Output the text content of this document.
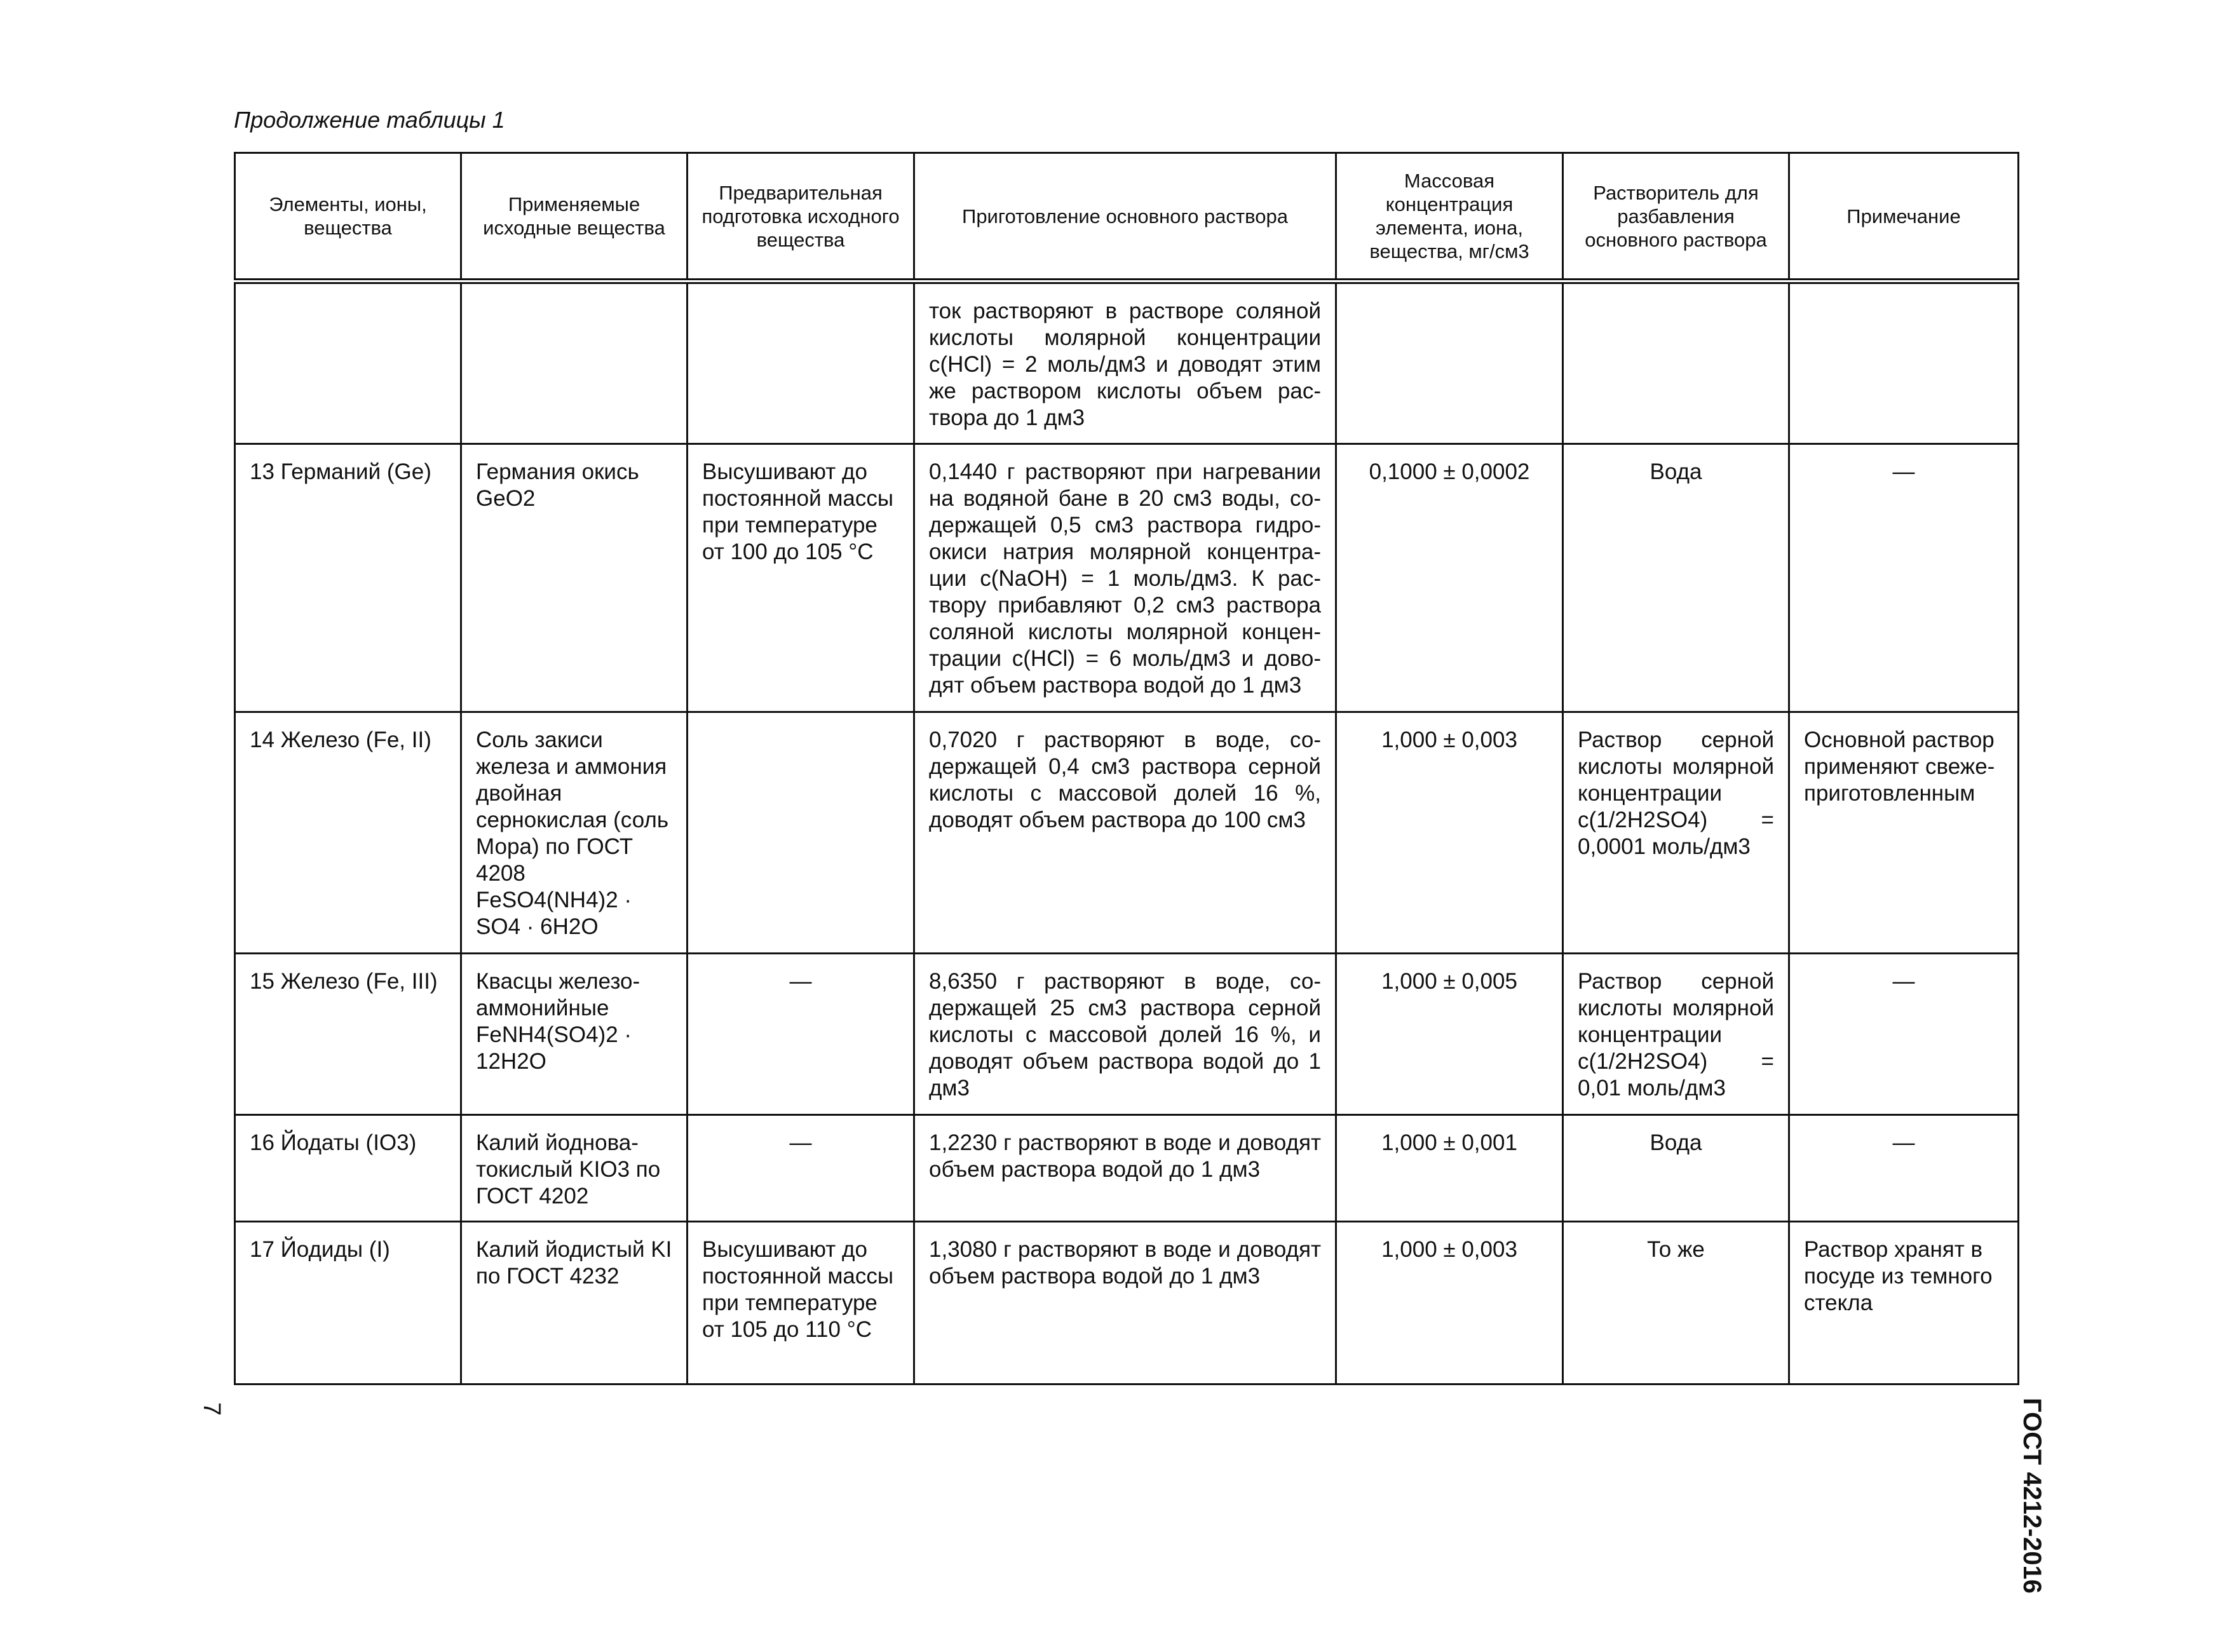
Продолжение таблицы 1
Элементы, ионы, вещества	Применяемые исходные вещества	Предварительная подготовка исходного вещества	Приготовление основного раствора	Массовая концентрация элемента, иона, вещества, мг/см3	Растворитель для разбавления основного раствора	Примечание
			ток растворяют в растворе соляной кислоты молярной концентрации c(HCl) = 2 моль/дм3 и доводят этим же раствором кислоты объем раствора до 1 дм3			
13 Германий (Ge)	Германия окись GeO2	Высушивают до постоянной массы при температуре от 100 до 105 °С	0,1440 г растворяют при нагревании на водяной бане в 20 см3 воды, содержащей 0,5 см3 раствора гидроокиси натрия молярной концентрации c(NaOH) = 1 моль/дм3. К раствору прибавляют 0,2 см3 раствора соляной кислоты молярной концентрации c(HCl) = 6 моль/дм3 и доводят объем раствора водой до 1 дм3	0,1000 ± 0,0002	Вода	—
14 Железо (Fe, II)	Соль закиси железа и аммония двойная сернокислая (соль Мора) по ГОСТ 4208 FeSO4(NH4)2 · SO4 · 6H2O		0,7020 г растворяют в воде, содержащей 0,4 см3 раствора серной кислоты с массовой долей 16 %, доводят объем раствора до 100 см3	1,000 ± 0,003	Раствор серной кислоты молярной концентрации c(1/2H2SO4) = 0,0001 моль/дм3	Основной раствор применяют свежеприготовленным
15 Железо (Fe, III)	Квасцы железоаммонийные FeNH4(SO4)2 · 12H2O	—	8,6350 г растворяют в воде, содержащей 25 см3 раствора серной кислоты с массовой долей 16 %, и доводят объем раствора водой до 1 дм3	1,000 ± 0,005	Раствор серной кислоты молярной концентрации c(1/2H2SO4) = 0,01 моль/дм3	—
16 Йодаты (IO3)	Калий йодноватокислый KIO3 по ГОСТ 4202	—	1,2230 г растворяют в воде и доводят объем раствора водой до 1 дм3	1,000 ± 0,001	Вода	—
17 Йодиды (I)	Калий йодистый KI по ГОСТ 4232	Высушивают до постоянной массы при температуре от 105 до 110 °С	1,3080 г растворяют в воде и доводят объем раствора водой до 1 дм3	1,000 ± 0,003	То же	Раствор хранят в посуде из темного стекла
ГОСТ 4212-2016
7
